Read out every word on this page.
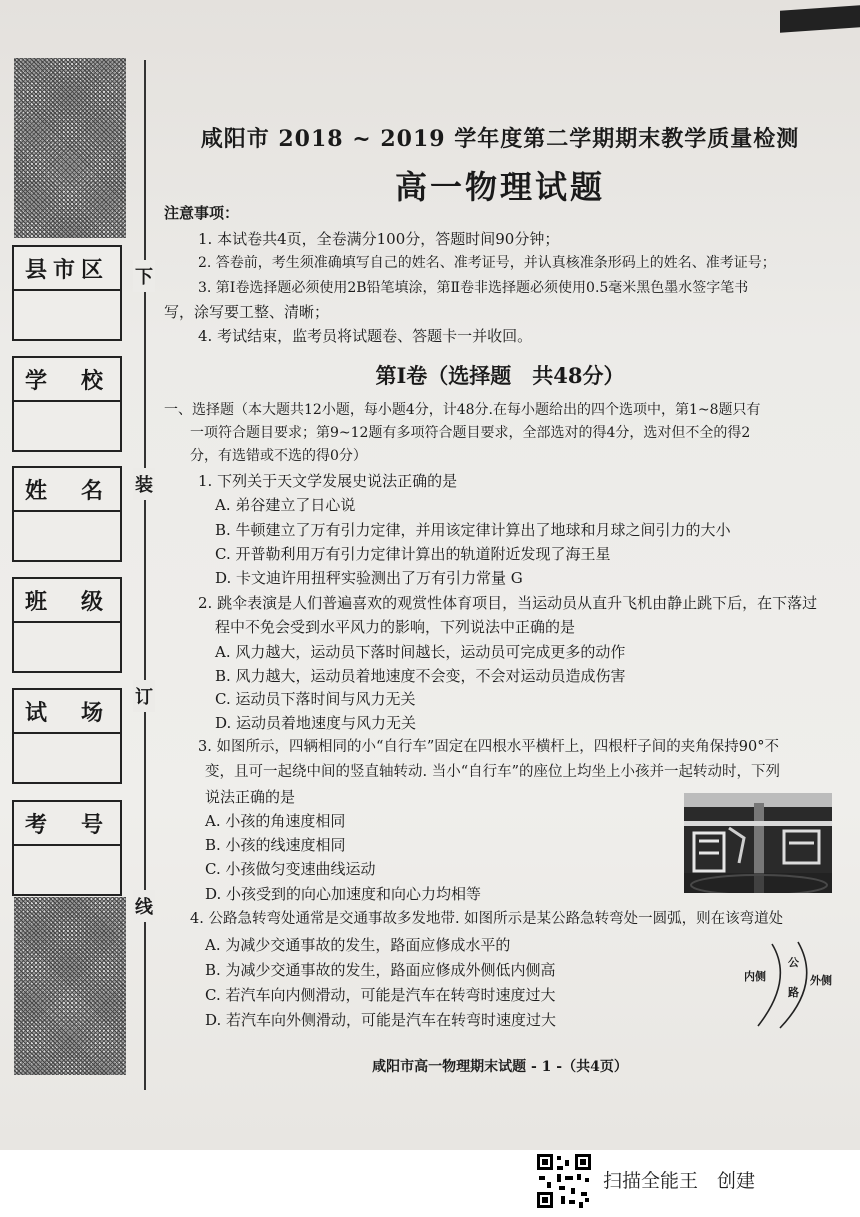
下
装
订
线
县市区
学　校
姓　名
班　级
试　场
考　号
咸阳市 2018 ~ 2019 学年度第二学期期末教学质量检测
高一物理试题
注意事项：
1. 本试卷共4页，全卷满分100分，答题时间90分钟；
2. 答卷前，考生须准确填写自己的姓名、准考证号，并认真核准条形码上的姓名、准考证号；
3. 第Ⅰ卷选择题必须使用2B铅笔填涂，第Ⅱ卷非选择题必须使用0.5毫米黑色墨水签字笔书
写，涂写要工整、清晰；
4. 考试结束，监考员将试题卷、答题卡一并收回。
第Ⅰ卷（选择题　共48分）
一、选择题（本大题共12小题，每小题4分，计48分.在每小题给出的四个选项中，第1~8题只有
一项符合题目要求；第9~12题有多项符合题目要求，全部选对的得4分，选对但不全的得2
分，有选错或不选的得0分）
1. 下列关于天文学发展史说法正确的是
A. 弟谷建立了日心说
B. 牛顿建立了万有引力定律，并用该定律计算出了地球和月球之间引力的大小
C. 开普勒利用万有引力定律计算出的轨道附近发现了海王星
D. 卡文迪许用扭秤实验测出了万有引力常量 G
2. 跳伞表演是人们普遍喜欢的观赏性体育项目，当运动员从直升飞机由静止跳下后，在下落过
程中不免会受到水平风力的影响，下列说法中正确的是
A. 风力越大，运动员下落时间越长，运动员可完成更多的动作
B. 风力越大，运动员着地速度不会变，不会对运动员造成伤害
C. 运动员下落时间与风力无关
D. 运动员着地速度与风力无关
3. 如图所示，四辆相同的小“自行车”固定在四根水平横杆上，四根杆子间的夹角保持90°不
变，且可一起绕中间的竖直轴转动. 当小“自行车”的座位上均坐上小孩并一起转动时，下列
说法正确的是
A. 小孩的角速度相同
B. 小孩的线速度相同
C. 小孩做匀变速曲线运动
D. 小孩受到的向心加速度和向心力均相等
4. 公路急转弯处通常是交通事故多发地带. 如图所示是某公路急转弯处一圆弧，则在该弯道处
A. 为减少交通事故的发生，路面应修成水平的
B. 为减少交通事故的发生，路面应修成外侧低内侧高
C. 若汽车向内侧滑动，可能是汽车在转弯时速度过大
D. 若汽车向外侧滑动，可能是汽车在转弯时速度过大
内侧
公
路
外侧
咸阳市高一物理期末试题 - 1 -（共4页）
扫描全能王　创建
